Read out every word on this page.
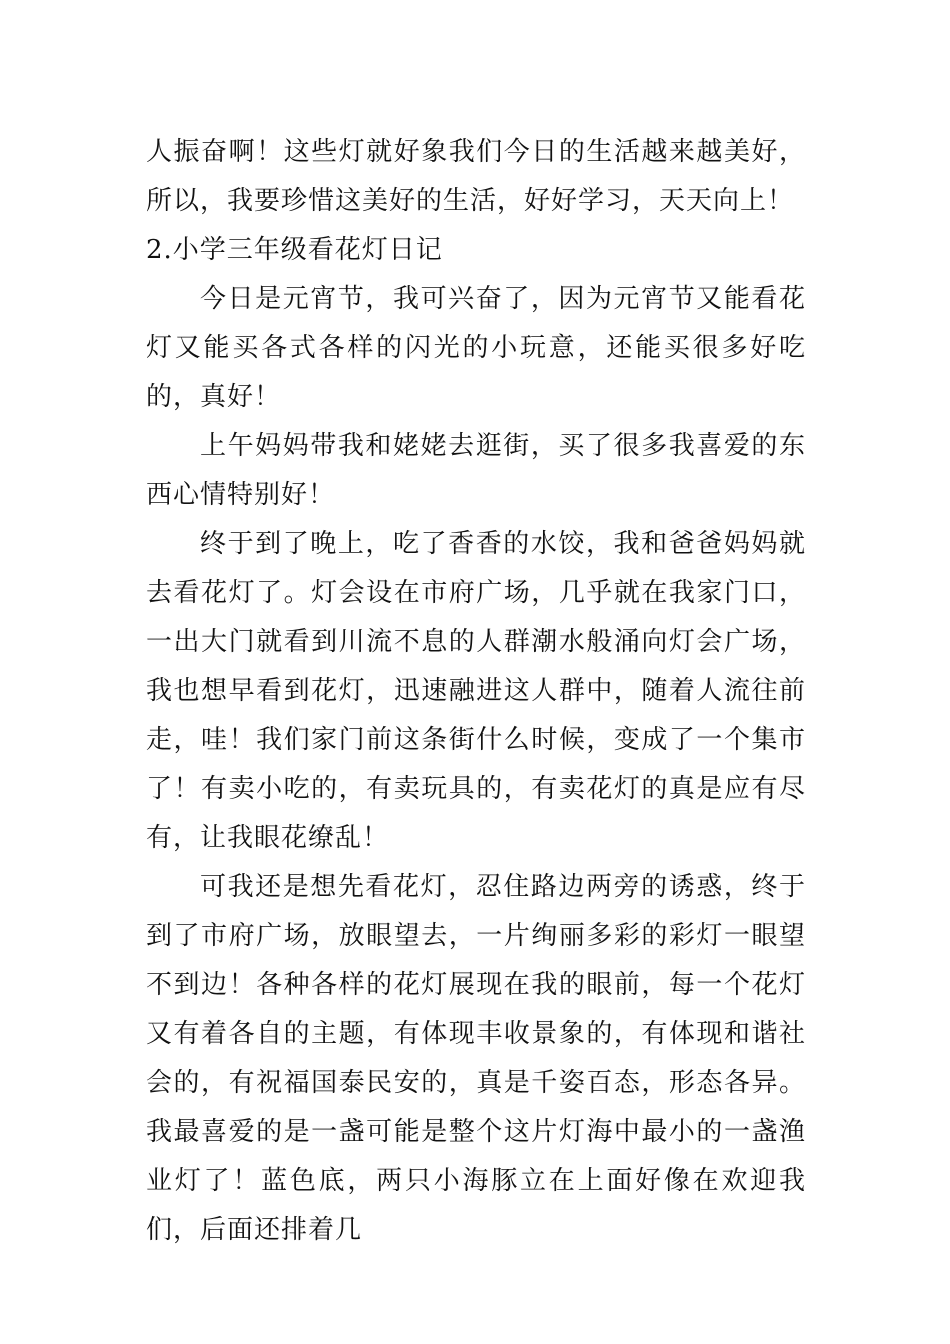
人振奋啊！这些灯就好象我们今日的生活越来越美好，所以，我要珍惜这美好的生活，好好学习，天天向上！

2.小学三年级看花灯日记

今日是元宵节，我可兴奋了，因为元宵节又能看花灯又能买各式各样的闪光的小玩意，还能买很多好吃的，真好！

上午妈妈带我和姥姥去逛街，买了很多我喜爱的东西心情特别好！

终于到了晚上，吃了香香的水饺，我和爸爸妈妈就去看花灯了。灯会设在市府广场，几乎就在我家门口，一出大门就看到川流不息的人群潮水般涌向灯会广场，我也想早看到花灯，迅速融进这人群中，随着人流往前走，哇！我们家门前这条街什么时候，变成了一个集市了！有卖小吃的，有卖玩具的，有卖花灯的真是应有尽有，让我眼花缭乱！

可我还是想先看花灯，忍住路边两旁的诱惑，终于到了市府广场，放眼望去，一片绚丽多彩的彩灯一眼望不到边！各种各样的花灯展现在我的眼前，每一个花灯又有着各自的主题，有体现丰收景象的，有体现和谐社会的，有祝福国泰民安的，真是千姿百态，形态各异。我最喜爱的是一盏可能是整个这片灯海中最小的一盏渔业灯了！蓝色底，两只小海豚立在上面好像在欢迎我们，后面还排着几
